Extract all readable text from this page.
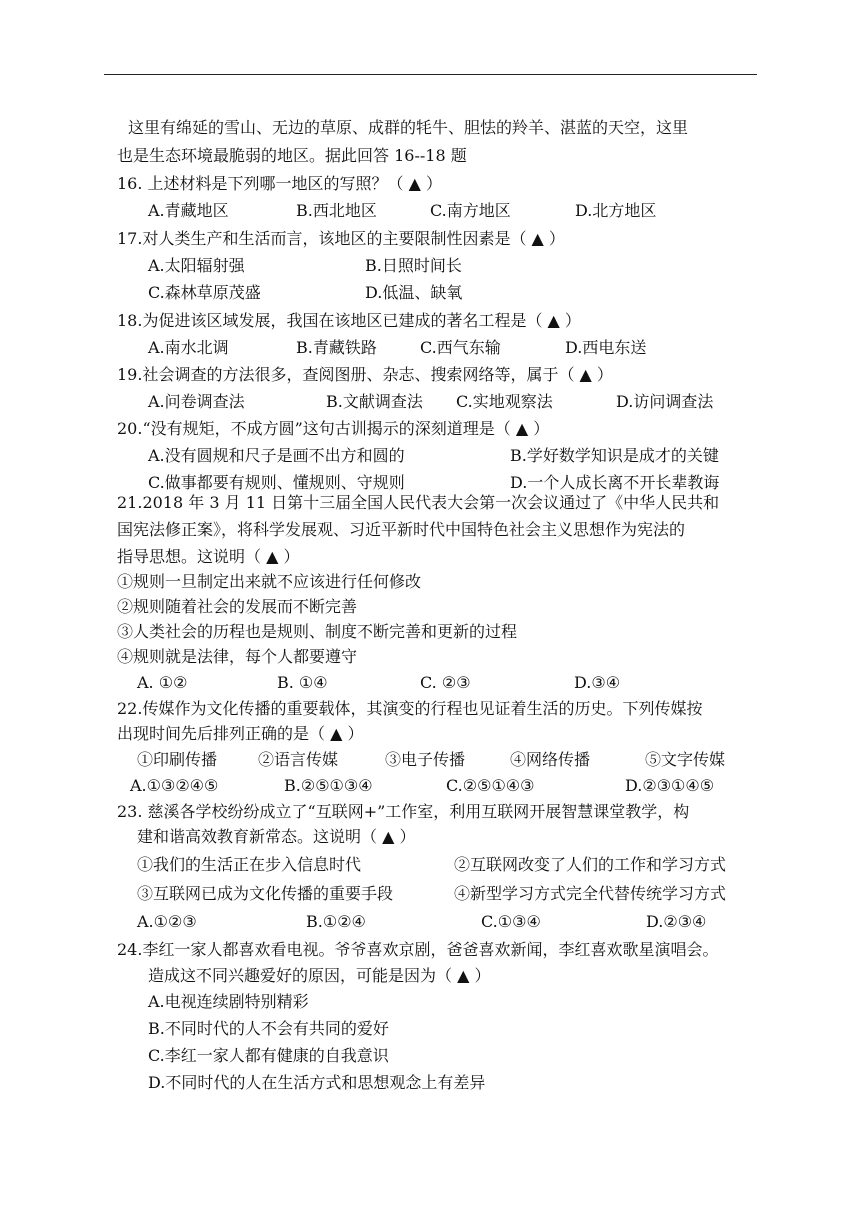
这里有绵延的雪山、无边的草原、成群的牦牛、胆怯的羚羊、湛蓝的天空，这里
也是生态环境最脆弱的地区。据此回答 16--18 题
16. 上述材料是下列哪一地区的写照？（ ▲ ）
A.青藏地区	B.西北地区	C.南方地区	D.北方地区
17.对人类生产和生活而言，该地区的主要限制性因素是（ ▲ ）
A.太阳辐射强	B.日照时间长
C.森林草原茂盛	D.低温、缺氧
18.为促进该区域发展，我国在该地区已建成的著名工程是（ ▲ ）
A.南水北调	B.青藏铁路	C.西气东输	D.西电东送
19.社会调查的方法很多，查阅图册、杂志、搜索网络等，属于（ ▲ ）
A.问卷调查法	B.文献调查法 C.实地观察法	D.访问调查法
20.“没有规矩，不成方圆”这句古训揭示的深刻道理是（ ▲ ）
A.没有圆规和尺子是画不出方和圆的	B.学好数学知识是成才的关键
C.做事都要有规则、懂规则、守规则	D.一个人成长离不开长辈教诲
21.2018 年 3 月 11 日第十三届全国人民代表大会第一次会议通过了《中华人民共和
国宪法修正案》，将科学发展观、习近平新时代中国特色社会主义思想作为宪法的
指导思想。这说明（ ▲ ）
①规则一旦制定出来就不应该进行任何修改
②规则随着社会的发展而不断完善
③人类社会的历程也是规则、制度不断完善和更新的过程
④规则就是法律，每个人都要遵守
A. ①②	B. ①④	C. ②③	D.③④
22.传媒作为文化传播的重要载体，其演变的行程也见证着生活的历史。下列传媒按
出现时间先后排列正确的是（ ▲ ）
①印刷传播	②语言传媒	③电子传播	④网络传播	⑤文字传媒
A.①③②④⑤	B.②⑤①③④	C.②⑤①④③	D.②③①④⑤
23. 慈溪各学校纷纷成立了“互联网+”工作室，利用互联网开展智慧课堂教学，构
建和谐高效教育新常态。这说明（ ▲ ）
①我们的生活正在步入信息时代	②互联网改变了人们的工作和学习方式
③互联网已成为文化传播的重要手段	④新型学习方式完全代替传统学习方式
A.①②③	B.①②④	C.①③④	D.②③④
24.李红一家人都喜欢看电视。爷爷喜欢京剧，爸爸喜欢新闻，李红喜欢歌星演唱会。
造成这不同兴趣爱好的原因，可能是因为（ ▲ ）
A.电视连续剧特别精彩
B.不同时代的人不会有共同的爱好
C.李红一家人都有健康的自我意识
D.不同时代的人在生活方式和思想观念上有差异
